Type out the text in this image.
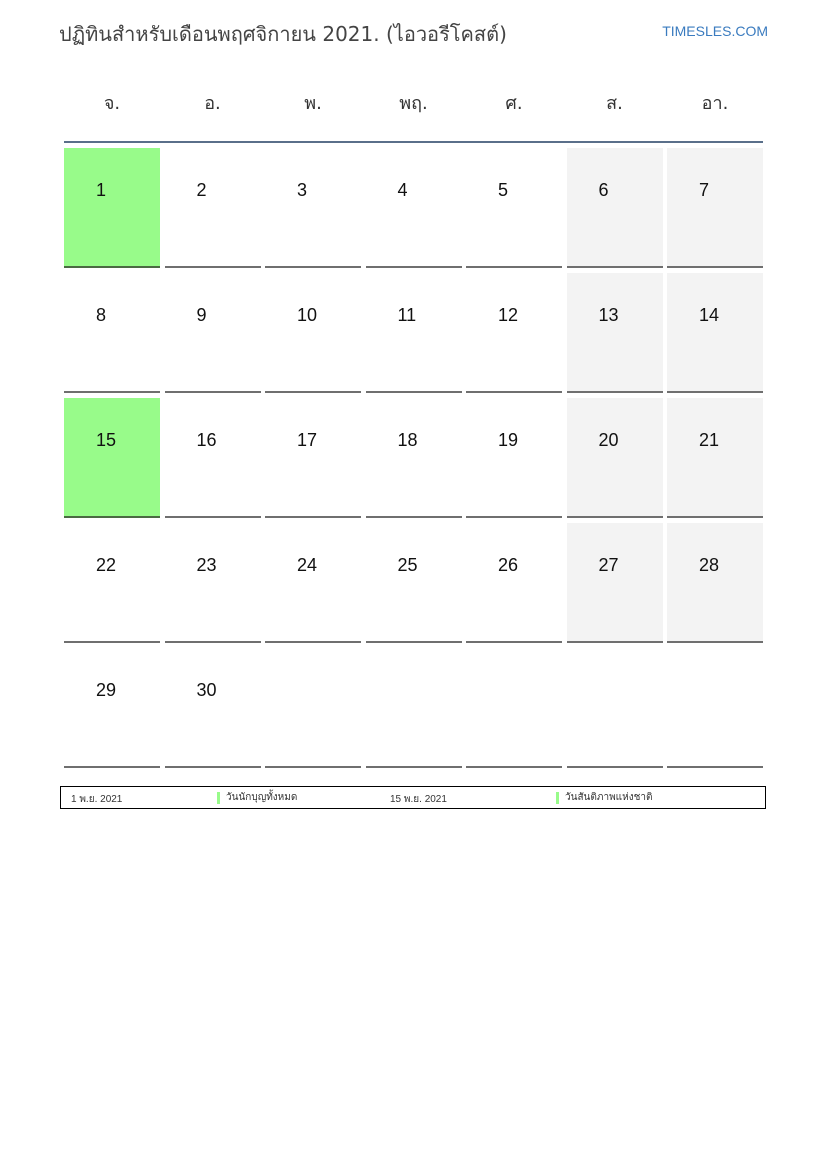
ปฏิทินสำหรับเดือนพฤศจิกายน 2021. (ไอวอรีโคสต์)	TIMESLES.COM
จ.	อ.	พ.	พฤ.	ศ.	ส.	อา.
1	2	3	4	5	6	7
8	9	10	11	12	13	14
15	16	17	18	19	20	21
22	23	24	25	26	27	28
29	30
1 พ.ย. 2021	วันนักบุญทั้งหมด	15 พ.ย. 2021	วันสันติภาพแห่งชาติ
